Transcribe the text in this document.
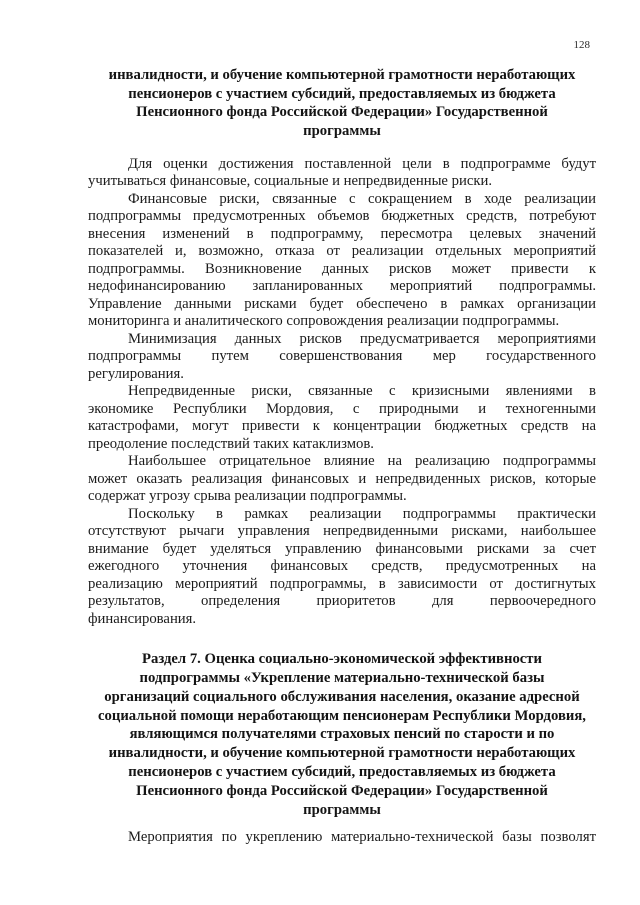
128
инвалидности, и обучение компьютерной грамотности неработающих
пенсионеров с участием субсидий, предоставляемых из бюджета
Пенсионного фонда Российской Федерации» Государственной
программы
Для оценки достижения поставленной цели в подпрограмме будут
учитываться финансовые, социальные и непредвиденные риски.
Финансовые риски, связанные с сокращением в ходе реализации
подпрограммы предусмотренных объемов бюджетных средств, потребуют
внесения изменений в подпрограмму, пересмотра целевых значений
показателей и, возможно, отказа от реализации отдельных мероприятий
подпрограммы. Возникновение данных рисков может привести к
недофинансированию запланированных мероприятий подпрограммы.
Управление данными рисками будет обеспечено в рамках организации
мониторинга и аналитического сопровождения реализации подпрограммы.
Минимизация данных рисков предусматривается мероприятиями
подпрограммы путем совершенствования мер государственного
регулирования.
Непредвиденные риски, связанные с кризисными явлениями в
экономике Республики Мордовия, с природными и техногенными
катастрофами, могут привести к концентрации бюджетных средств на
преодоление последствий таких катаклизмов.
Наибольшее отрицательное влияние на реализацию подпрограммы
может оказать реализация финансовых и непредвиденных рисков, которые
содержат угрозу срыва реализации подпрограммы.
Поскольку в рамках реализации подпрограммы практически
отсутствуют рычаги управления непредвиденными рисками, наибольшее
внимание будет уделяться управлению финансовыми рисками за счет
ежегодного уточнения финансовых средств, предусмотренных на
реализацию мероприятий подпрограммы, в зависимости от достигнутых
результатов, определения приоритетов для первоочередного
финансирования.
Раздел 7. Оценка социально-экономической эффективности
подпрограммы «Укрепление материально-технической базы
организаций социального обслуживания населения, оказание адресной
социальной помощи неработающим пенсионерам Республики Мордовия,
являющимся получателями страховых пенсий по старости и по
инвалидности, и обучение компьютерной грамотности неработающих
пенсионеров с участием субсидий, предоставляемых из бюджета
Пенсионного фонда Российской Федерации» Государственной
программы
Мероприятия по укреплению материально-технической базы позволят
